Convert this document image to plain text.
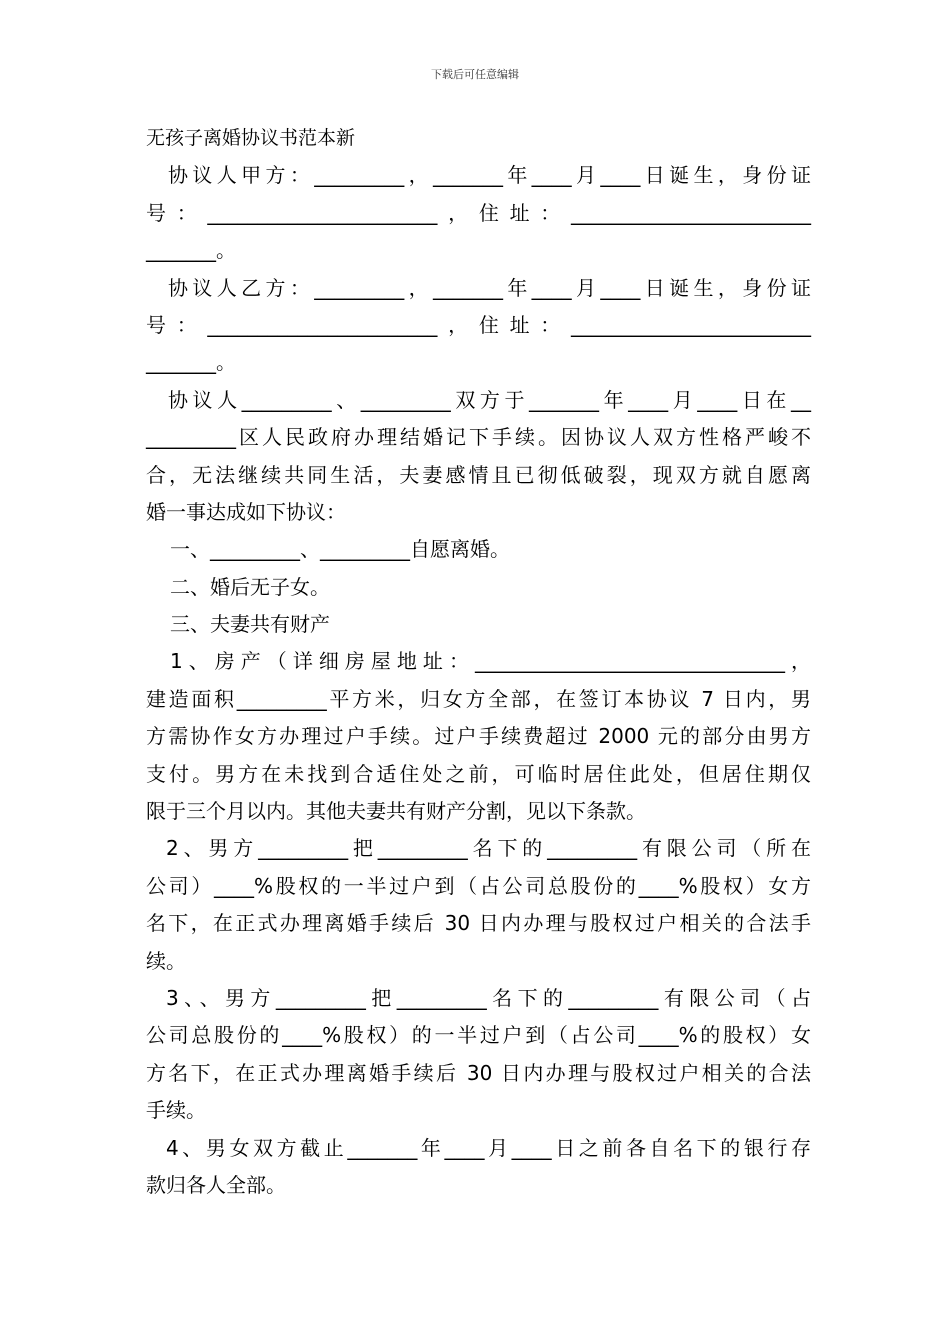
下载后可任意编辑
无孩子离婚协议书范本新
协议人甲方：_________，_______年____月____日诞生，身份证
号：_______________________，住址：________________________
_______。
协议人乙方：_________，_______年____月____日诞生，身份证
号：_______________________，住址：________________________
_______。
协议人_________、_________双方于_______年____月____日在__
_________区人民政府办理结婚记下手续。因协议人双方性格严峻不
合，无法继续共同生活，夫妻感情且已彻低破裂，现双方就自愿离
婚一事达成如下协议：
一、_________、_________自愿离婚。
二、婚后无子女。
三、夫妻共有财产
1、房产（详细房屋地址：_______________________________，
建造面积_________平方米，归女方全部，在签订本协议 7 日内，男
方需协作女方办理过户手续。过户手续费超过 2000 元的部分由男方
支付。男方在未找到合适住处之前，可临时居住此处，但居住期仅
限于三个月以内。其他夫妻共有财产分割，见以下条款。
2、男方_________把_________名下的_________有限公司（所在
公司）____%股权的一半过户到（占公司总股份的____%股权）女方
名下，在正式办理离婚手续后 30 日内办理与股权过户相关的合法手
续。
3、、男方_________把_________名下的_________有限公司（占
公司总股份的____%股权）的一半过户到（占公司____%的股权）女
方名下，在正式办理离婚手续后 30 日内办理与股权过户相关的合法
手续。
4、男女双方截止_______年____月____日之前各自名下的银行存
款归各人全部。
